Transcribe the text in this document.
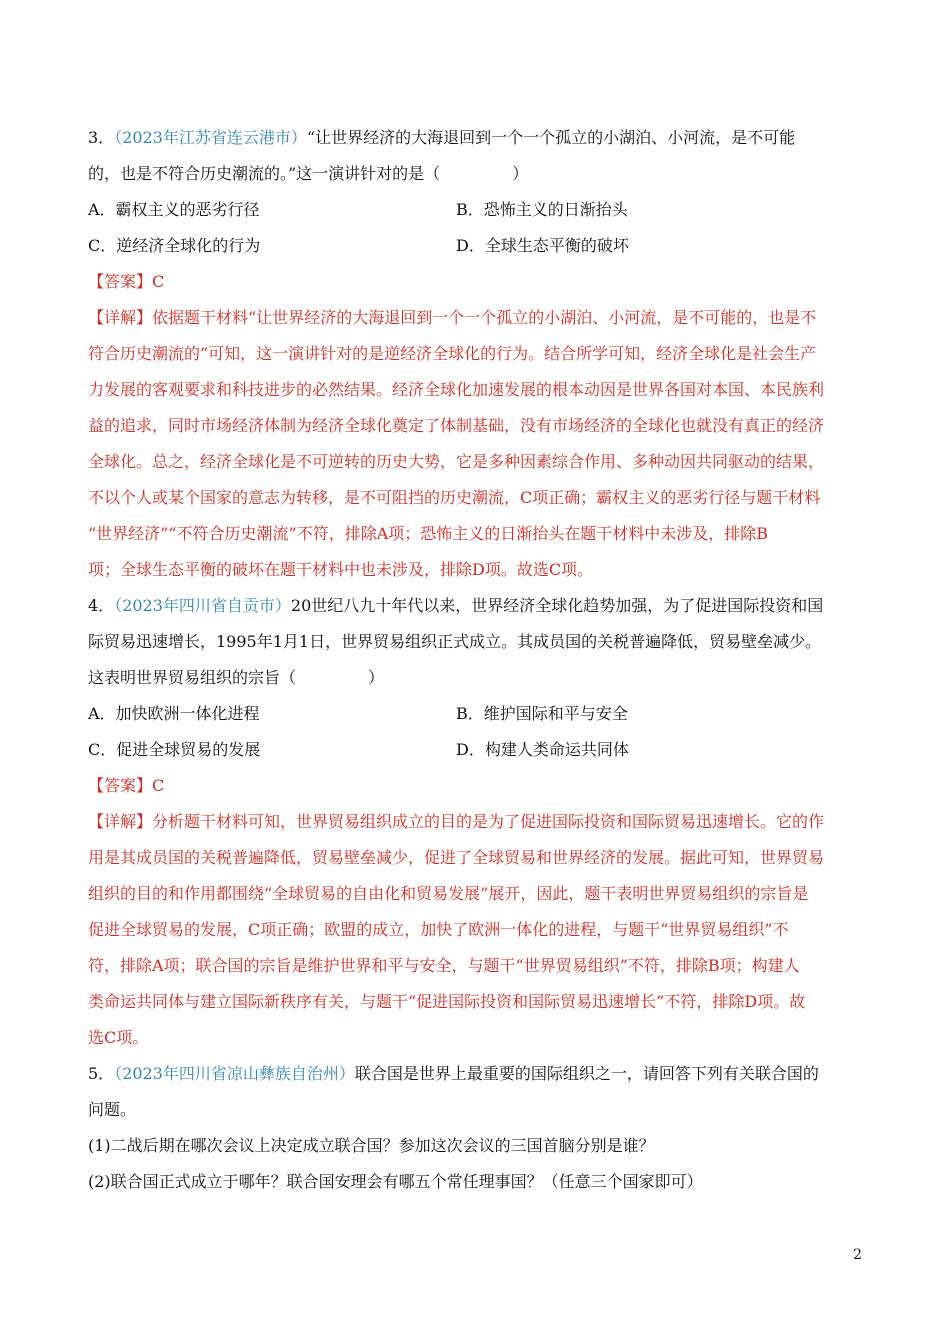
3．（2023年江苏省连云港市）“让世界经济的大海退回到一个一个孤立的小湖泊、小河流，是不可能
的，也是不符合历史潮流的。”这一演讲针对的是（	）

A．霸权主义的恶劣行径	B．恐怖主义的日渐抬头
C．逆经济全球化的行为	D．全球生态平衡的破坏

【答案】C

【详解】依据题干材料“让世界经济的大海退回到一个一个孤立的小湖泊、小河流，是不可能的，也是不
符合历史潮流的”可知，这一演讲针对的是逆经济全球化的行为。结合所学可知，经济全球化是社会生产
力发展的客观要求和科技进步的必然结果。经济全球化加速发展的根本动因是世界各国对本国、本民族利
益的追求，同时市场经济体制为经济全球化奠定了体制基础，没有市场经济的全球化也就没有真正的经济
全球化。总之，经济全球化是不可逆转的历史大势，它是多种因素综合作用、多种动因共同驱动的结果，
不以个人或某个国家的意志为转移，是不可阻挡的历史潮流，C项正确；霸权主义的恶劣行径与题干材料
“世界经济”“不符合历史潮流”不符，排除A项；恐怖主义的日渐抬头在题干材料中未涉及，排除B
项；全球生态平衡的破坏在题干材料中也未涉及，排除D项。故选C项。

4．（2023年四川省自贡市）20世纪八九十年代以来，世界经济全球化趋势加强，为了促进国际投资和国
际贸易迅速增长，1995年1月1日，世界贸易组织正式成立。其成员国的关税普遍降低，贸易壁垒减少。
这表明世界贸易组织的宗旨（	）

A．加快欧洲一体化进程	B．维护国际和平与安全
C．促进全球贸易的发展	D．构建人类命运共同体

【答案】C

【详解】分析题干材料可知，世界贸易组织成立的目的是为了促进国际投资和国际贸易迅速增长。它的作
用是其成员国的关税普遍降低，贸易壁垒减少，促进了全球贸易和世界经济的发展。据此可知，世界贸易
组织的目的和作用都围绕“全球贸易的自由化和贸易发展”展开，因此，题干表明世界贸易组织的宗旨是
促进全球贸易的发展，C项正确；欧盟的成立，加快了欧洲一体化的进程，与题干“世界贸易组织”不
符，排除A项；联合国的宗旨是维护世界和平与安全，与题干“世界贸易组织”不符，排除B项；构建人
类命运共同体与建立国际新秩序有关，与题干“促进国际投资和国际贸易迅速增长”不符，排除D项。故
选C项。

5．（2023年四川省凉山彝族自治州）联合国是世界上最重要的国际组织之一，请回答下列有关联合国的
问题。

(1)二战后期在哪次会议上决定成立联合国？参加这次会议的三国首脑分别是谁？

(2)联合国正式成立于哪年？联合国安理会有哪五个常任理事国？（任意三个国家即可）

2
